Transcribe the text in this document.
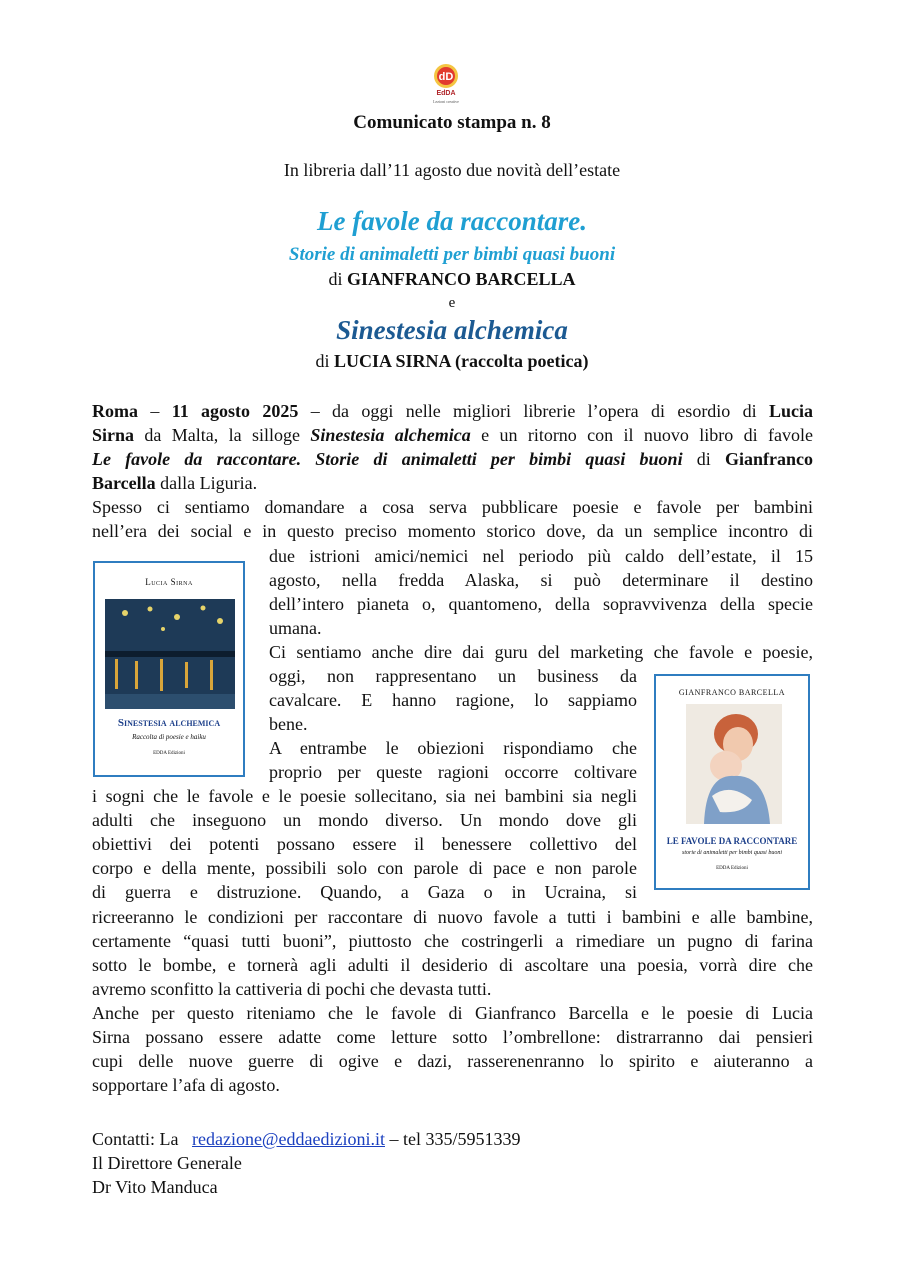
dD
EdDA
Lezioni creative
Comunicato stampa n. 8
In libreria dall’11 agosto due novità dell’estate
Le favole da raccontare.
Storie di animaletti per bimbi quasi buoni
di GIANFRANCO BARCELLA
e
Sinestesia alchemica
di LUCIA SIRNA (raccolta poetica)
Roma – 11 agosto 2025 – da oggi nelle migliori librerie l’opera di esordio di Lucia
Sirna da Malta, la silloge Sinestesia alchemica e un ritorno con il nuovo libro di favole
Le favole da raccontare. Storie di animaletti per bimbi quasi buoni di Gianfranco
Barcella dalla Liguria.
Spesso ci sentiamo domandare a cosa serva pubblicare poesie e favole per bambini
nell’era dei social e in questo preciso momento storico dove, da un semplice incontro di
due istrioni amici/nemici nel periodo più caldo dell’estate, il 15
agosto, nella fredda Alaska, si può determinare il destino
dell’intero pianeta o, quantomeno, della sopravvivenza della specie
umana.
Ci sentiamo anche dire dai guru del marketing che favole e poesie,
oggi, non rappresentano un business da
cavalcare. E hanno ragione, lo sappiamo
bene.
A entrambe le obiezioni rispondiamo che
proprio per queste ragioni occorre coltivare
i sogni che le favole e le poesie sollecitano, sia nei bambini sia negli
adulti che inseguono un mondo diverso. Un mondo dove gli
obiettivi dei potenti possano essere il benessere collettivo del
corpo e della mente, possibili solo con parole di pace e non parole
di guerra e distruzione. Quando, a Gaza o in Ucraina, si
ricreeranno le condizioni per raccontare di nuovo favole a tutti i bambini e alle bambine,
certamente “quasi tutti buoni”, piuttosto che costringerli a rimediare un pugno di farina
sotto le bombe, e tornerà agli adulti il desiderio di ascoltare una poesia, vorrà dire che
avremo sconfitto la cattiveria di pochi che devasta tutti.
Anche per questo riteniamo che le favole di Gianfranco Barcella e le poesie di Lucia
Sirna possano essere adatte come letture sotto l’ombrellone: distrarranno dai pensieri
cupi delle nuove guerre di ogive e dazi, rasserenenranno lo spirito e aiuteranno a
sopportare l’afa di agosto.
Lucia Sirna
Sinestesia alchemica
Raccolta di poesie e haiku
EDDA Edizioni
GIANFRANCO BARCELLA
LE FAVOLE DA RACCONTARE
storie di animaletti per bimbi quasi buoni
EDDA Edizioni
Contatti: La redazione@eddaedizioni.it – tel 335/5951339
Il Direttore Generale
Dr Vito Manduca
